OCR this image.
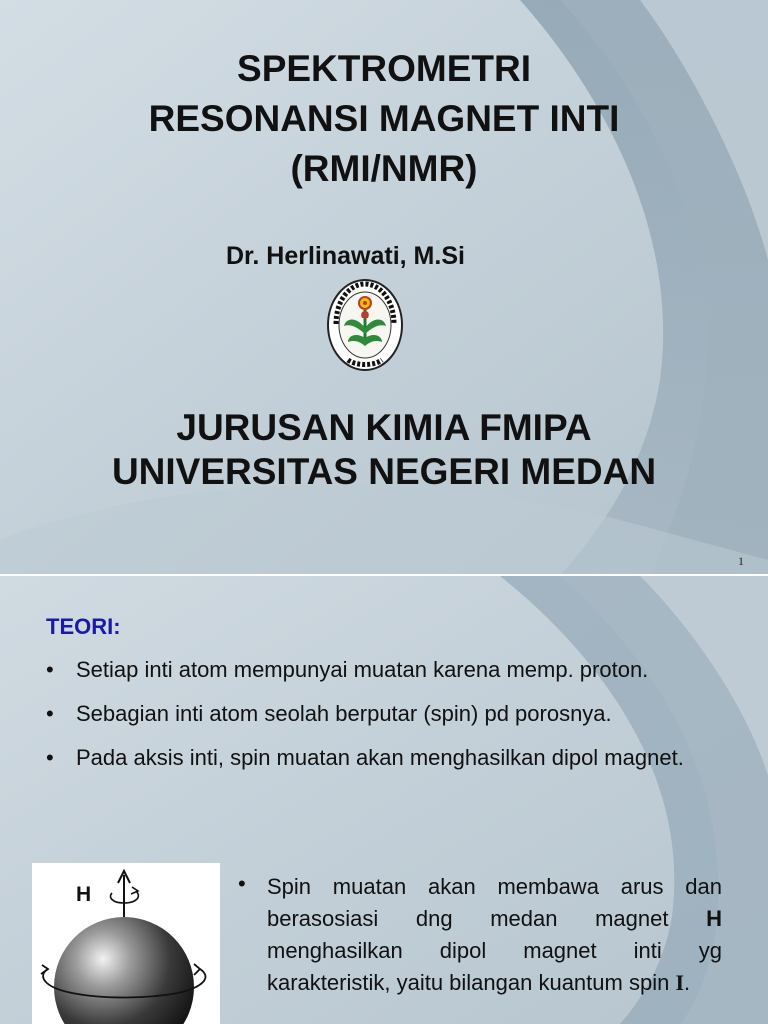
SPEKTROMETRI
RESONANSI MAGNET INTI
(RMI/NMR)
Dr. Herlinawati, M.Si
JURUSAN KIMIA FMIPA
UNIVERSITAS NEGERI MEDAN
1
TEORI:
• Setiap inti atom mempunyai muatan karena memp. proton.
• Sebagian inti atom seolah berputar (spin) pd porosnya.
• Pada aksis inti, spin muatan akan menghasilkan dipol magnet.
H	• Spin muatan akan membawa arus dan berasosiasi dng medan magnet H menghasilkan dipol magnet inti yg karakteristik, yaitu bilangan kuantum spin I.
